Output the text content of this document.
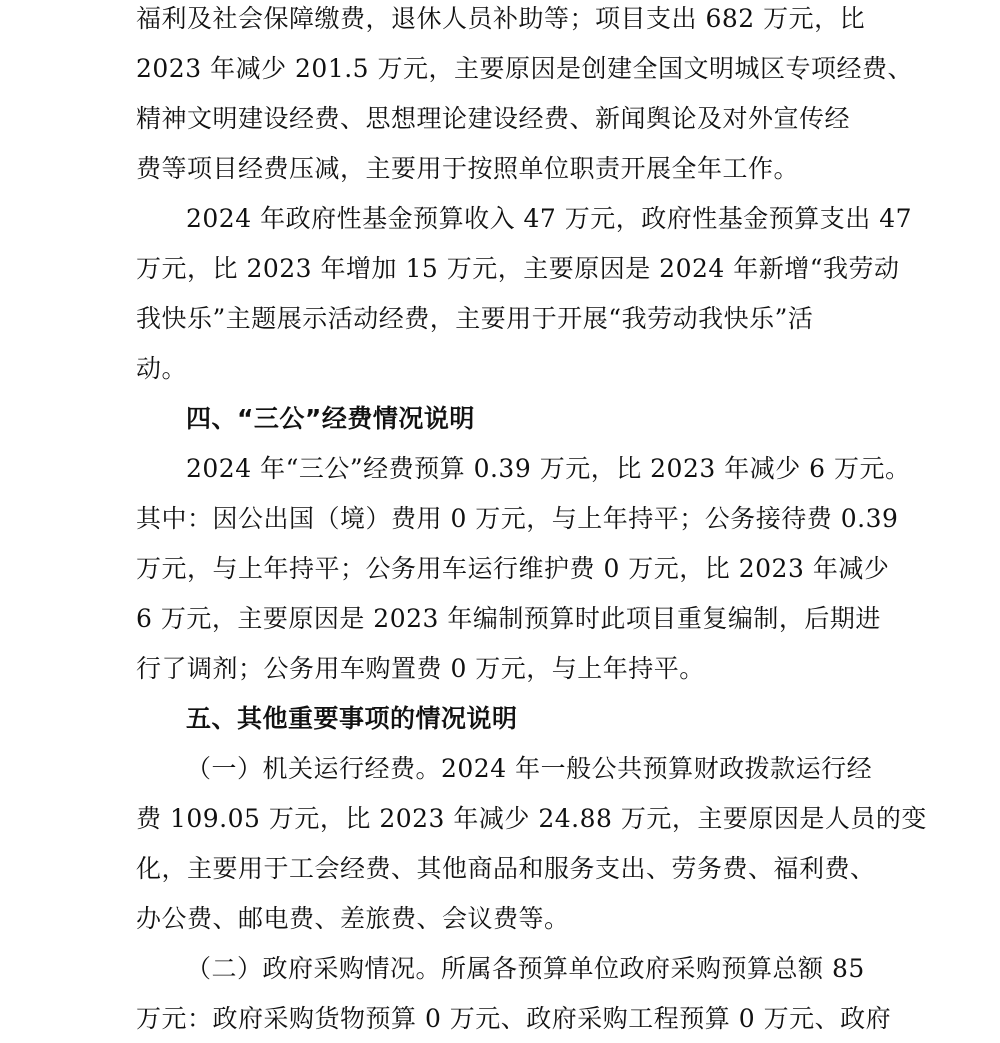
福利及社会保障缴费，退休人员补助等；项目支出 682 万元，比
2023 年减少 201.5 万元，主要原因是创建全国文明城区专项经费、
精神文明建设经费、思想理论建设经费、新闻舆论及对外宣传经
费等项目经费压减，主要用于按照单位职责开展全年工作。
2024 年政府性基金预算收入 47 万元，政府性基金预算支出 47
万元，比 2023 年增加 15 万元，主要原因是 2024 年新增“我劳动
我快乐”主题展示活动经费，主要用于开展“我劳动我快乐”活
动。
四、“三公”经费情况说明
2024 年“三公”经费预算 0.39 万元，比 2023 年减少 6 万元。
其中：因公出国（境）费用 0 万元，与上年持平；公务接待费 0.39
万元，与上年持平；公务用车运行维护费 0 万元，比 2023 年减少
6 万元，主要原因是 2023 年编制预算时此项目重复编制，后期进
行了调剂；公务用车购置费 0 万元，与上年持平。
五、其他重要事项的情况说明
（一）机关运行经费。2024 年一般公共预算财政拨款运行经
费 109.05 万元，比 2023 年减少 24.88 万元，主要原因是人员的变
化，主要用于工会经费、其他商品和服务支出、劳务费、福利费、
办公费、邮电费、差旅费、会议费等。
（二）政府采购情况。所属各预算单位政府采购预算总额 85
万元：政府采购货物预算 0 万元、政府采购工程预算 0 万元、政府
